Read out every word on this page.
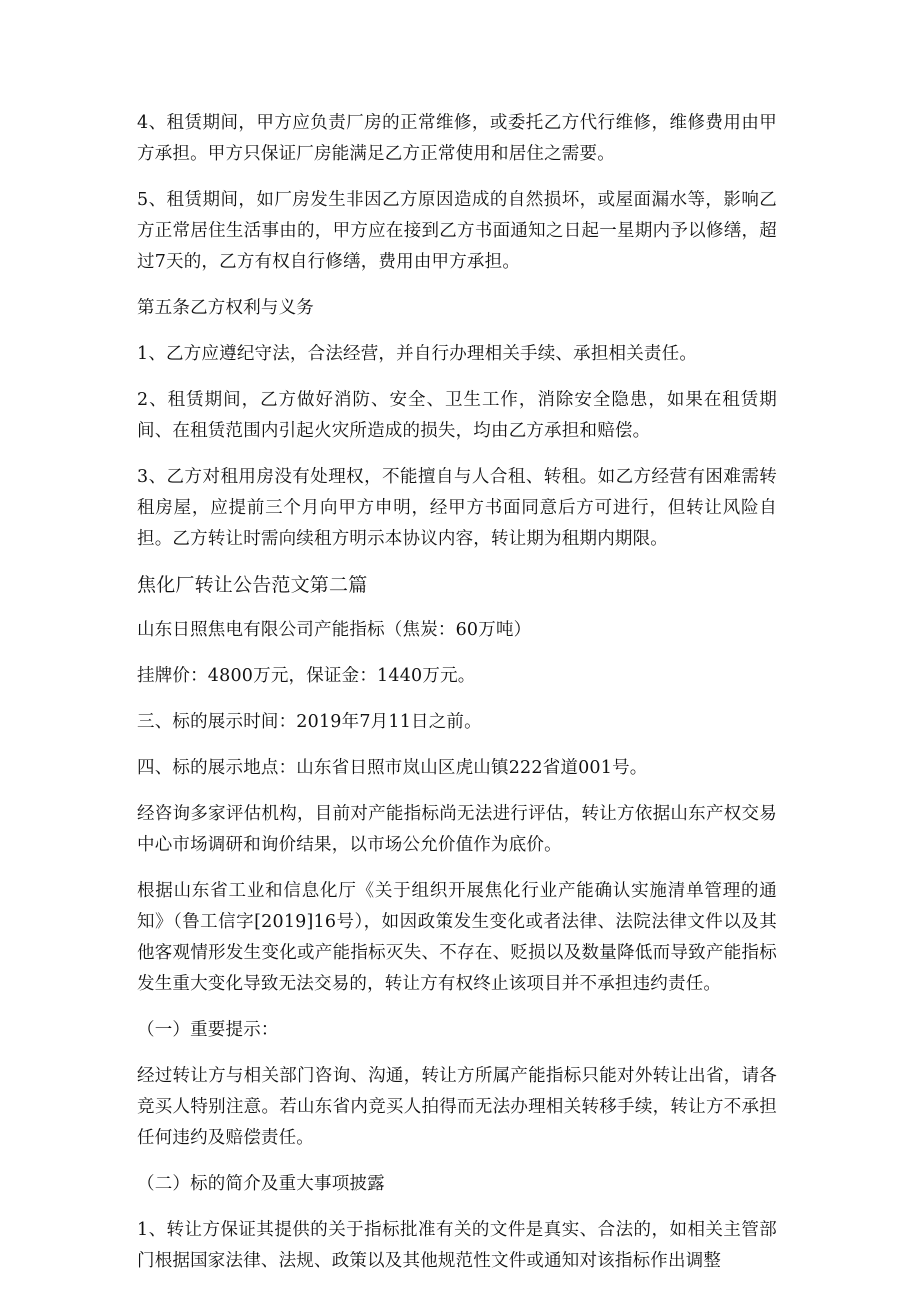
4、租赁期间，甲方应负责厂房的正常维修，或委托乙方代行维修，维修费用由甲方承担。甲方只保证厂房能满足乙方正常使用和居住之需要。

5、租赁期间，如厂房发生非因乙方原因造成的自然损坏，或屋面漏水等，影响乙方正常居住生活事由的，甲方应在接到乙方书面通知之日起一星期内予以修缮，超过7天的，乙方有权自行修缮，费用由甲方承担。

第五条乙方权利与义务

1、乙方应遵纪守法，合法经营，并自行办理相关手续、承担相关责任。

2、租赁期间，乙方做好消防、安全、卫生工作，消除安全隐患，如果在租赁期间、在租赁范围内引起火灾所造成的损失，均由乙方承担和赔偿。

3、乙方对租用房没有处理权，不能擅自与人合租、转租。如乙方经营有困难需转租房屋，应提前三个月向甲方申明，经甲方书面同意后方可进行，但转让风险自担。乙方转让时需向续租方明示本协议内容，转让期为租期内期限。

焦化厂转让公告范文第二篇

山东日照焦电有限公司产能指标（焦炭：60万吨）

挂牌价：4800万元，保证金：1440万元。

三、标的展示时间：2019年7月11日之前。

四、标的展示地点：山东省日照市岚山区虎山镇222省道001号。

经咨询多家评估机构，目前对产能指标尚无法进行评估，转让方依据山东产权交易中心市场调研和询价结果，以市场公允价值作为底价。

根据山东省工业和信息化厅《关于组织开展焦化行业产能确认实施清单管理的通知》（鲁工信字[2019]16号），如因政策发生变化或者法律、法院法律文件以及其他客观情形发生变化或产能指标灭失、不存在、贬损以及数量降低而导致产能指标发生重大变化导致无法交易的，转让方有权终止该项目并不承担违约责任。

（一）重要提示：

经过转让方与相关部门咨询、沟通，转让方所属产能指标只能对外转让出省，请各竞买人特别注意。若山东省内竞买人拍得而无法办理相关转移手续，转让方不承担任何违约及赔偿责任。

（二）标的简介及重大事项披露

1、转让方保证其提供的关于指标批准有关的文件是真实、合法的，如相关主管部门根据国家法律、法规、政策以及其他规范性文件或通知对该指标作出调整
